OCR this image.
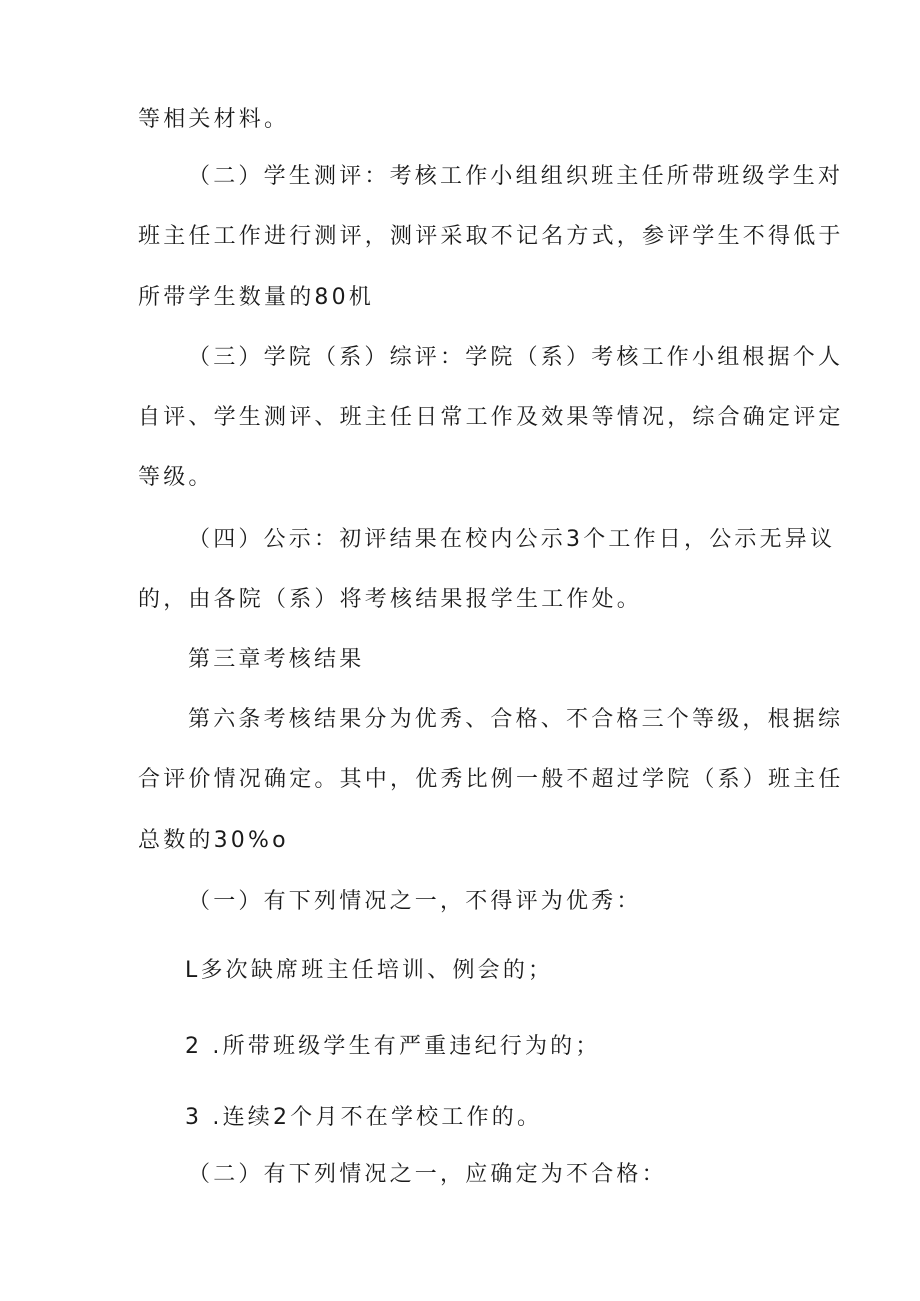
等相关材料。
（二）学生测评：考核工作小组组织班主任所带班级学生对
班主任工作进行测评，测评采取不记名方式，参评学生不得低于
所带学生数量的80机
（三）学院（系）综评：学院（系）考核工作小组根据个人
自评、学生测评、班主任日常工作及效果等情况，综合确定评定
等级。
（四）公示：初评结果在校内公示3个工作日，公示无异议
的，由各院（系）将考核结果报学生工作处。
第三章考核结果
第六条考核结果分为优秀、合格、不合格三个等级，根据综
合评价情况确定。其中，优秀比例一般不超过学院（系）班主任
总数的30%o
（一）有下列情况之一，不得评为优秀：
L多次缺席班主任培训、例会的；
2 .所带班级学生有严重违纪行为的；
3 .连续2个月不在学校工作的。
（二）有下列情况之一，应确定为不合格：
